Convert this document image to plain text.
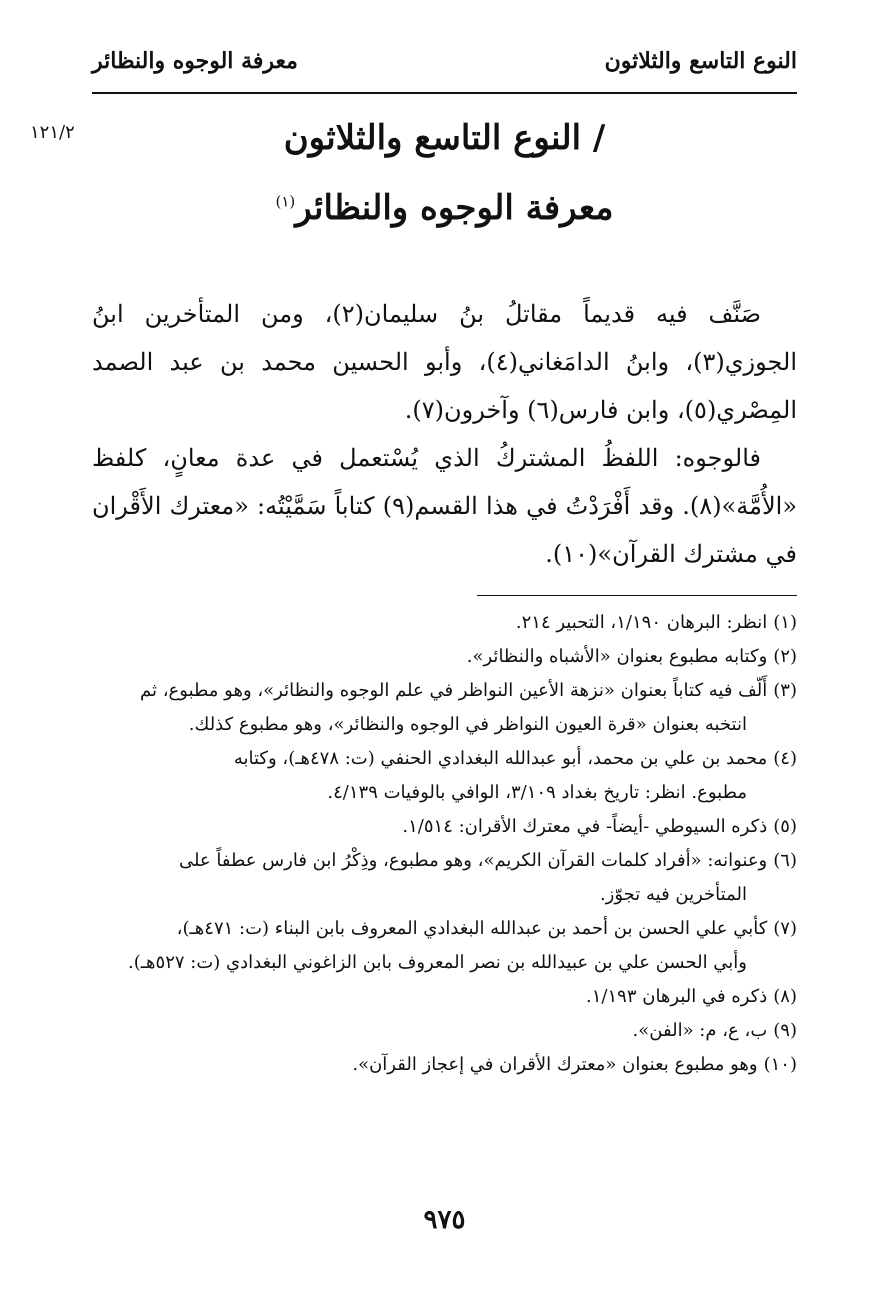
النوع التاسع والثلاثون
معرفة الوجوه والنظائر
١٢١/٢	/ النوع التاسع والثلاثون
معرفة الوجوه والنظائر$^{(١)}$

صَنَّف فيه قديماً مقاتلُ بنُ سليمان(٢)، ومن المتأخرين ابنُ الجوزي(٣)، وابنُ الدامَغاني(٤)، وأبو الحسين محمد بن عبد الصمد المِصْري(٥)، وابن فارس(٦) وآخرون(٧).

فالوجوه: اللفظُ المشتركُ الذي يُسْتعمل في عدة معانٍ، كلفظ «الأُمَّة»(٨). وقد أَفْرَدْتُ في هذا القسم(٩) كتاباً سَمَّيْتُه: «معترك الأَقْران في مشترك القرآن»(١٠).

(١)انظر: البرهان ١/١٩٠، التحبير ٢١٤.

(٢)وكتابه مطبوع بعنوان «الأشباه والنظائر».

(٣)أَلّف فيه كتاباً بعنوان «نزهة الأعين النواظر في علم الوجوه والنظائر»، وهو مطبوع، ثم

انتخبه بعنوان «قرة العيون النواظر في الوجوه والنظائر»، وهو مطبوع كذلك.

(٤)محمد بن علي بن محمد، أبو عبدالله البغدادي الحنفي (ت: ٤٧٨هـ)، وكتابه

مطبوع. انظر: تاريخ بغداد ٣/١٠٩، الوافي بالوفيات ٤/١٣٩.

(٥)ذكره السيوطي -أيضاً- في معترك الأقران: ١/٥١٤.

(٦)وعنوانه: «أفراد كلمات القرآن الكريم»، وهو مطبوع، وذِكْرُ ابن فارس عطفاً على

المتأخرين فيه تجوّز.

(٧)كأبي علي الحسن بن أحمد بن عبدالله البغدادي المعروف بابن البناء (ت: ٤٧١هـ)،

وأبي الحسن علي بن عبيدالله بن نصر المعروف بابن الزاغوني البغدادي (ت: ٥٢٧هـ).

(٨)ذكره في البرهان ١/١٩٣.

(٩)ب، ع، م: «الفن».

(١٠)وهو مطبوع بعنوان «معترك الأقران في إعجاز القرآن».

٩٧٥
